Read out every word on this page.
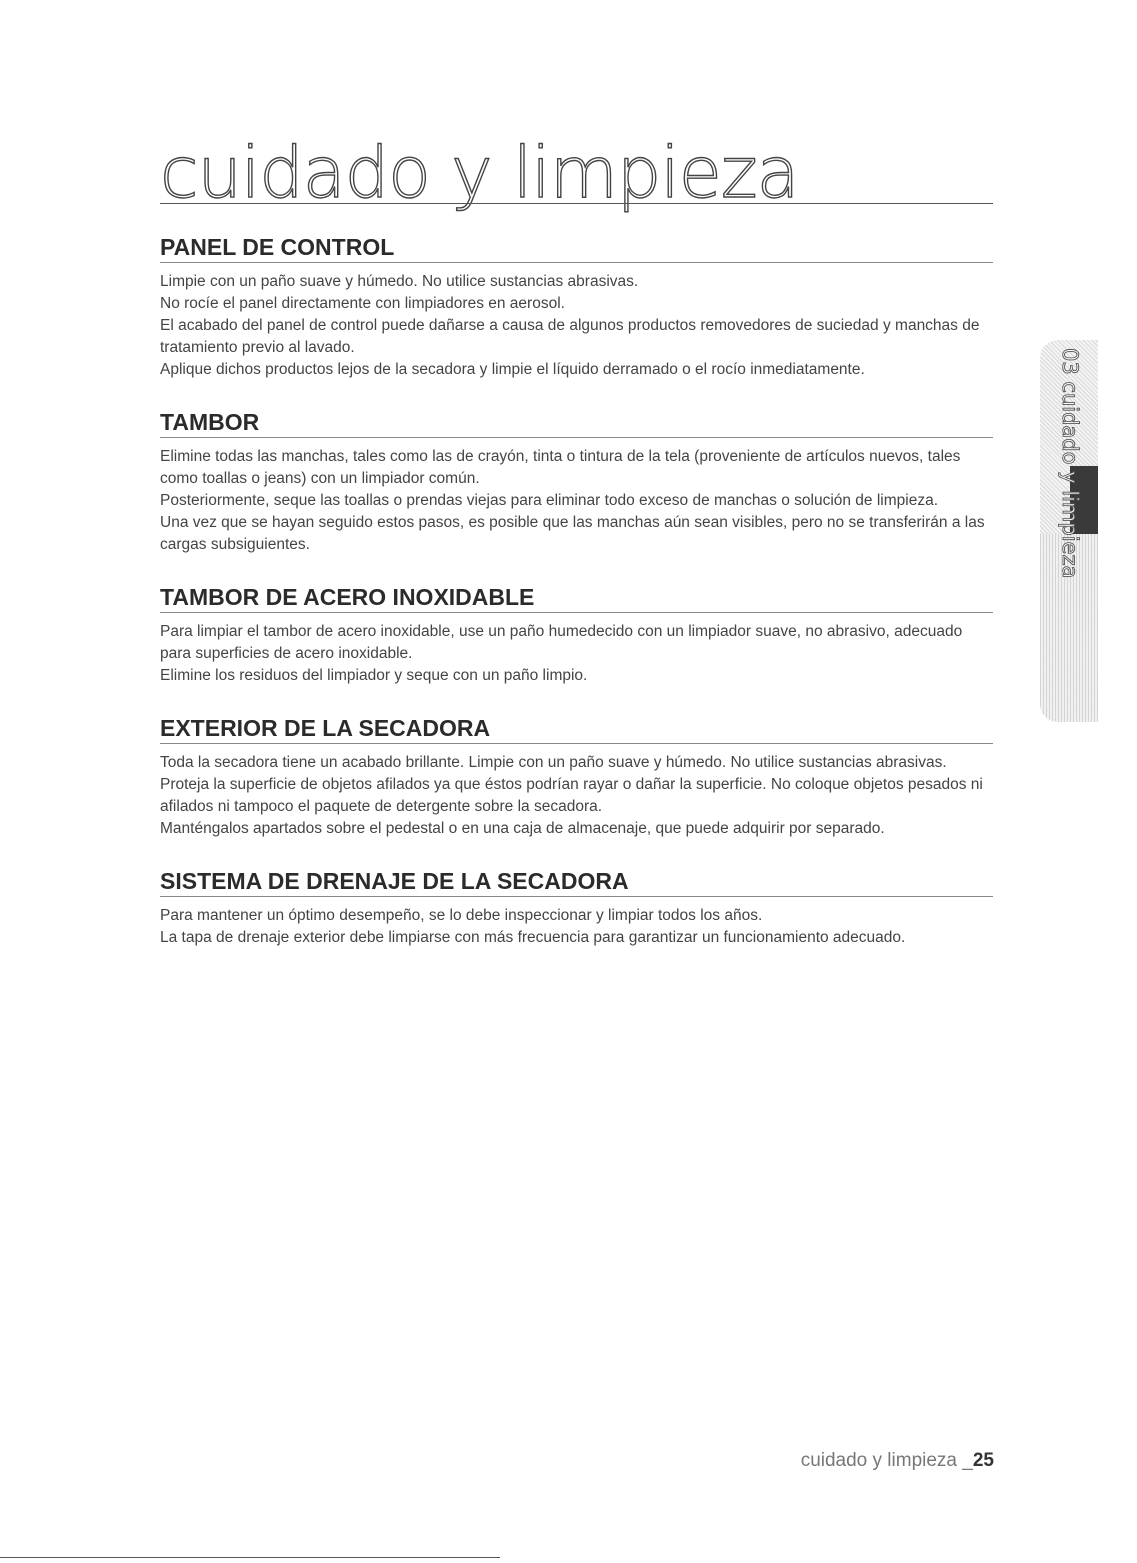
cuidado y limpieza
03 cuidado y limpieza
PANEL DE CONTROL

Limpie con un paño suave y húmedo. No utilice sustancias abrasivas.

No rocíe el panel directamente con limpiadores en aerosol.

El acabado del panel de control puede dañarse a causa de algunos productos removedores de suciedad y manchas de tratamiento previo al lavado.

Aplique dichos productos lejos de la secadora y limpie el líquido derramado o el rocío inmediatamente.

TAMBOR

Elimine todas las manchas, tales como las de crayón, tinta o tintura de la tela (proveniente de artículos nuevos, tales como toallas o jeans) con un limpiador común.

Posteriormente, seque las toallas o prendas viejas para eliminar todo exceso de manchas o solución de limpieza.

Una vez que se hayan seguido estos pasos, es posible que las manchas aún sean visibles, pero no se transferirán a las cargas subsiguientes.

TAMBOR DE ACERO INOXIDABLE

Para limpiar el tambor de acero inoxidable, use un paño humedecido con un limpiador suave, no abrasivo, adecuado para superficies de acero inoxidable.

Elimine los residuos del limpiador y seque con un paño limpio.

EXTERIOR DE LA SECADORA

Toda la secadora tiene un acabado brillante. Limpie con un paño suave y húmedo. No utilice sustancias abrasivas.

Proteja la superficie de objetos afilados ya que éstos podrían rayar o dañar la superficie. No coloque objetos pesados ni afilados ni tampoco el paquete de detergente sobre la secadora.

Manténgalos apartados sobre el pedestal o en una caja de almacenaje, que puede adquirir por separado.

SISTEMA DE DRENAJE DE LA SECADORA

Para mantener un óptimo desempeño, se lo debe inspeccionar y limpiar todos los años.

La tapa de drenaje exterior debe limpiarse con más frecuencia para garantizar un funcionamiento adecuado.

cuidado y limpieza _25
